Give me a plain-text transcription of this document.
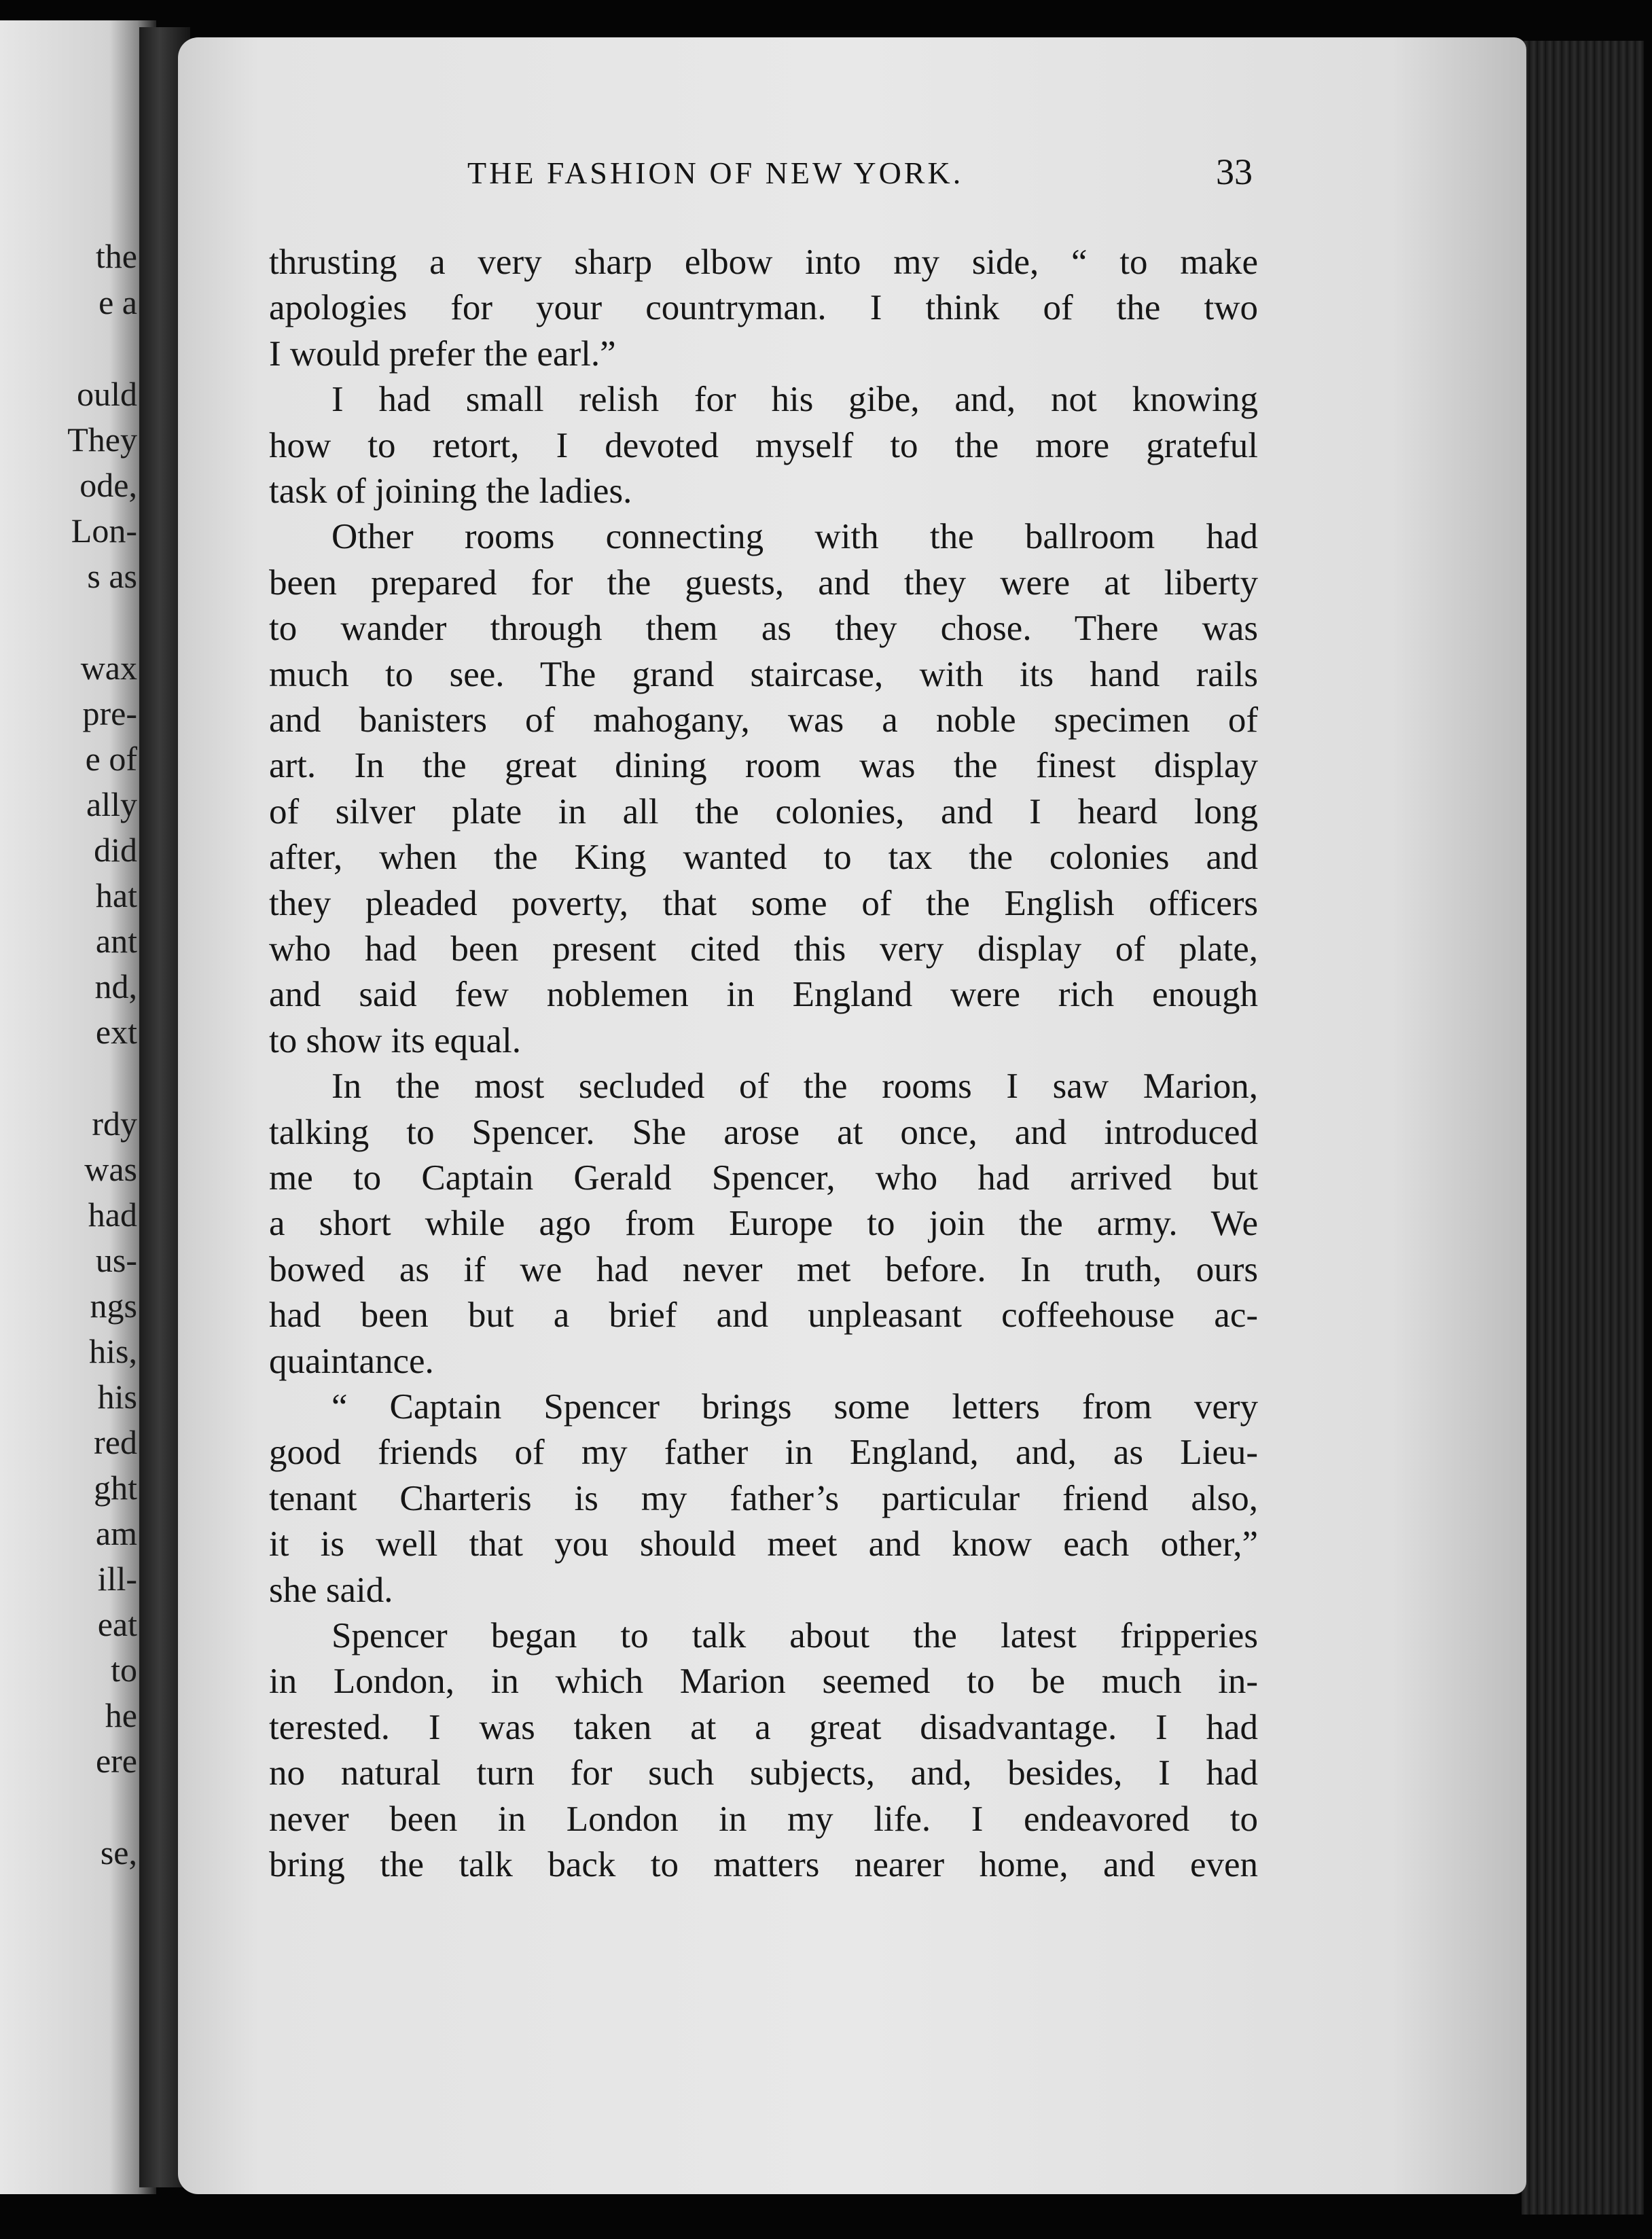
the
e a
ould
They
ode,
Lon-
s as
wax
pre-
e of
ally
did
hat
ant
nd,
ext
rdy
was
had
us-
ngs
his,
his
red
ght
am
ill-
eat
to
he
ere
se,
THE FASHION OF NEW YORK.	33
thrusting a very sharp elbow into my side, “ to make
apologies for your countryman. I think of the two
I would prefer the earl.”
I had small relish for his gibe, and, not knowing
how to retort, I devoted myself to the more grateful
task of joining the ladies.
Other rooms connecting with the ballroom had
been prepared for the guests, and they were at liberty
to wander through them as they chose. There was
much to see. The grand staircase, with its hand rails
and banisters of mahogany, was a noble specimen of
art. In the great dining room was the finest display
of silver plate in all the colonies, and I heard long
after, when the King wanted to tax the colonies and
they pleaded poverty, that some of the English officers
who had been present cited this very display of plate,
and said few noblemen in England were rich enough
to show its equal.
In the most secluded of the rooms I saw Marion,
talking to Spencer. She arose at once, and introduced
me to Captain Gerald Spencer, who had arrived but
a short while ago from Europe to join the army. We
bowed as if we had never met before. In truth, ours
had been but a brief and unpleasant coffeehouse ac-
quaintance.
“ Captain Spencer brings some letters from very
good friends of my father in England, and, as Lieu-
tenant Charteris is my father’s particular friend also,
it is well that you should meet and know each other,”
she said.
Spencer began to talk about the latest fripperies
in London, in which Marion seemed to be much in-
terested. I was taken at a great disadvantage. I had
no natural turn for such subjects, and, besides, I had
never been in London in my life. I endeavored to
bring the talk back to matters nearer home, and even
